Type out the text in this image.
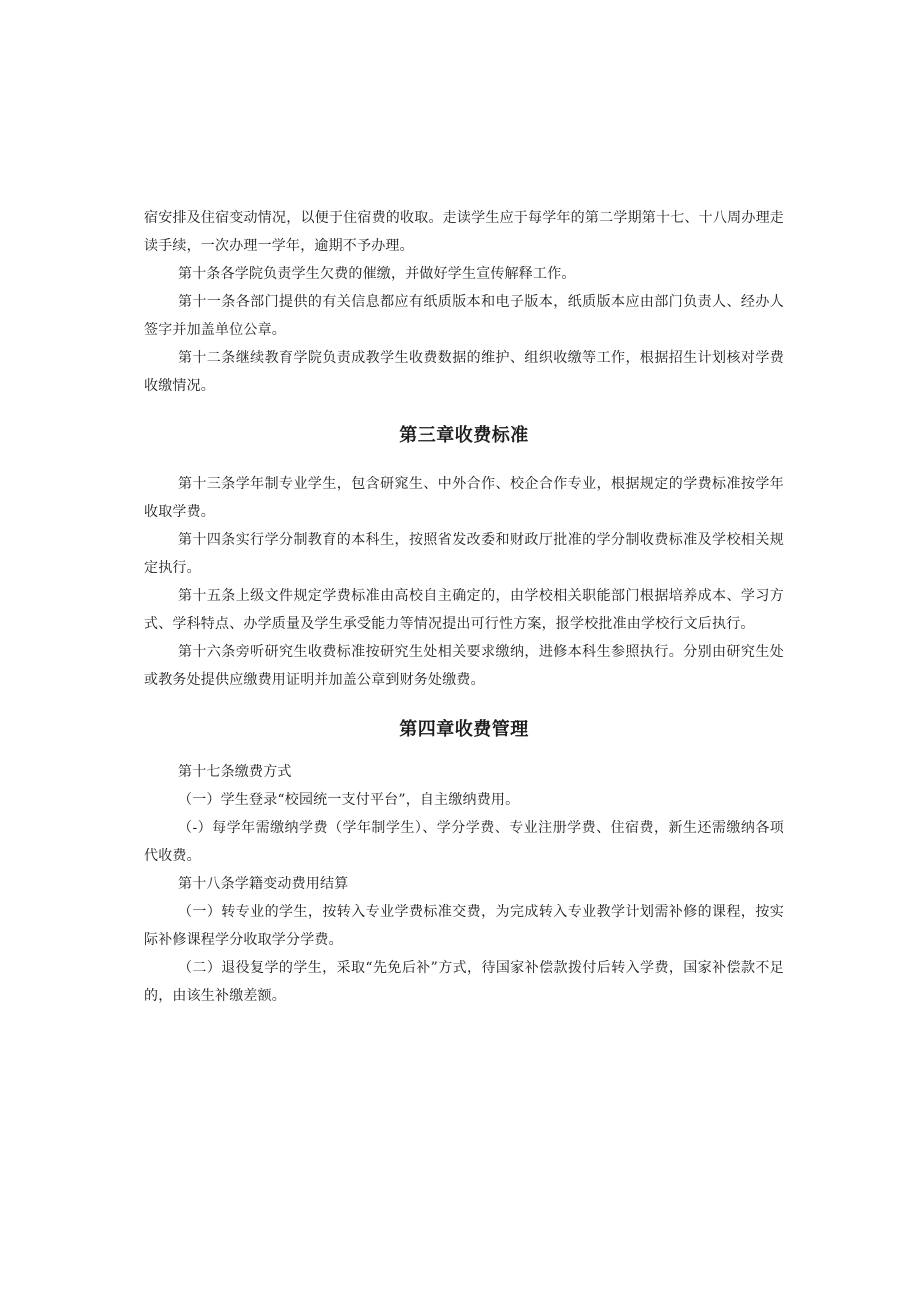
宿安排及住宿变动情况，以便于住宿费的收取。走读学生应于每学年的第二学期第十七、十八周办理走读手续，一次办理一学年，逾期不予办理。

第十条各学院负责学生欠费的催缴，并做好学生宣传解释工作。

第十一条各部门提供的有关信息都应有纸质版本和电子版本，纸质版本应由部门负责人、经办人签字并加盖单位公章。

第十二条继续教育学院负责成教学生收费数据的维护、组织收缴等工作，根据招生计划核对学费收缴情况。

第三章收费标准

第十三条学年制专业学生，包含研窕生、中外合作、校企合作专业，根据规定的学费标准按学年收取学费。

第十四条实行学分制教育的本科生，按照省发改委和财政厅批准的学分制收费标准及学校相关规定执行。

第十五条上级文件规定学费标准由高校自主确定的，由学校相关职能部门根据培养成本、学习方式、学科特点、办学质量及学生承受能力等情况提出可行性方案，报学校批准由学校行文后执行。

第十六条旁听研究生收费标准按研究生处相关要求缴纳，进修本科生参照执行。分别由研究生处或教务处提供应缴费用证明并加盖公章到财务处缴费。

第四章收费管理

第十七条缴费方式

（一）学生登录“校园统一支付平台”，自主缴纳费用。

（-）每学年需缴纳学费（学年制学生）、学分学费、专业注册学费、住宿费，新生还需缴纳各项代收费。

第十八条学籍变动费用结算

（一）转专业的学生，按转入专业学费标准交费，为完成转入专业教学计划需补修的课程，按实际补修课程学分收取学分学费。

（二）退役复学的学生，采取“先免后补”方式，待国家补偿款拨付后转入学费，国家补偿款不足的，由该生补缴差额。
